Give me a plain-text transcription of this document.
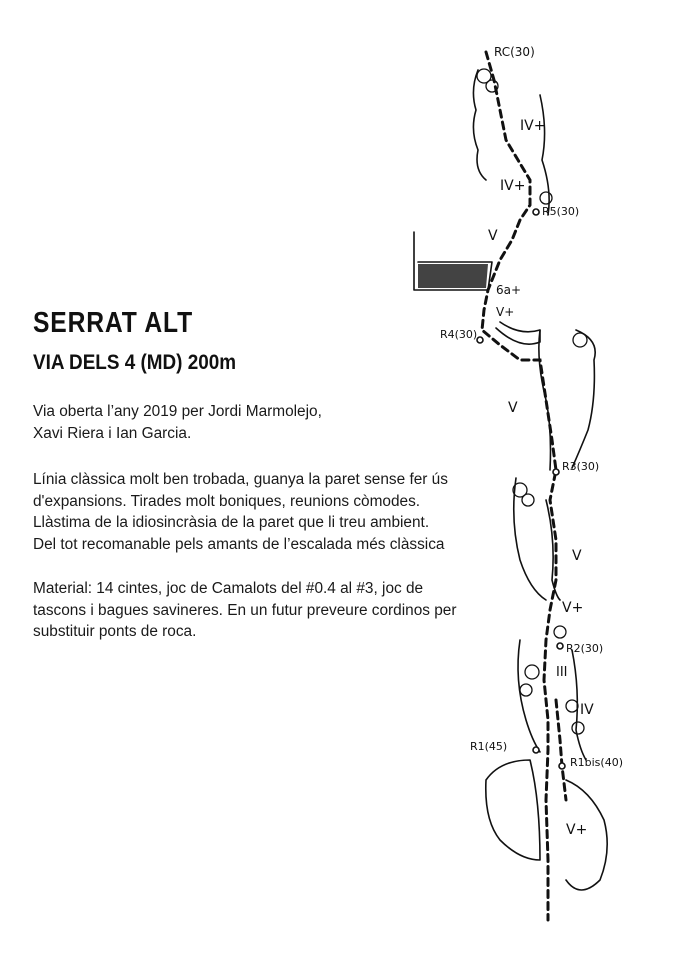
SERRAT ALT
VIA DELS 4 (MD) 200m

Via oberta l’any 2019 per Jordi Marmolejo,
Xavi Riera i Ian Garcia.

Línia clàssica molt ben trobada, guanya la paret sense fer ús
d'expansions. Tirades molt boniques, reunions còmodes.
Llàstima de la idiosincràsia de la paret que li treu ambient.
Del tot recomanable pels amants de l’escalada més clàssica

Material: 14 cintes, joc de Camalots del #0.4 al #3, joc de
tascons i bagues savineres. En un futur preveure cordinos per
substituir ponts de roca.

RC(30)
R5(30)
R4(30)
R3(30)
R2(30)
R1(45)
R1bis(40)
IV+
IV+
V
6a+
V+
V
V
V+
III
IV
V+
